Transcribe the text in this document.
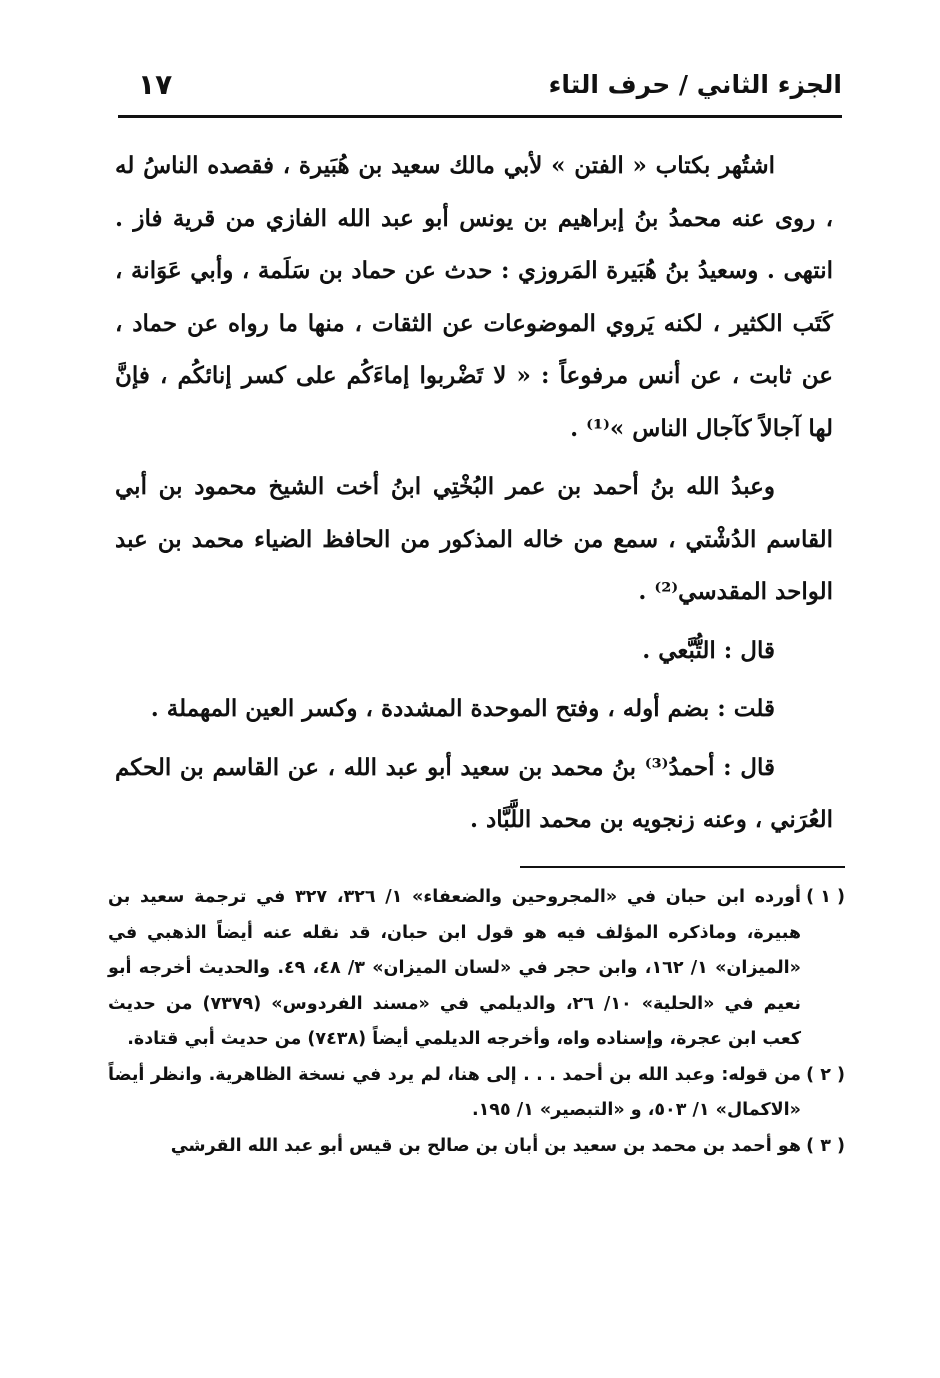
الجزء الثاني / حرف التاء
١٧

اشتُهر بكتاب « الفتن » لأبي مالك سعيد بن هُبَيرة ، فقصده الناسُ له ، روى عنه محمدُ بنُ إبراهيم بن يونس أبو عبد الله الفازي من قرية فاز . انتهى . وسعيدُ بنُ هُبَيرة المَروزي : حدث عن حماد بن سَلَمة ، وأبي عَوَانة ، كَتَب الكثير ، لكنه يَروي الموضوعات عن الثقات ، منها ما رواه عن حماد ، عن ثابت ، عن أنس مرفوعاً : « لا تَضْربوا إماءَكُم على كسر إنائكُم ، فإنَّ لها آجالاً كآجال الناس »⁽¹⁾ .

وعبدُ الله بنُ أحمد بن عمر البُخْتِي ابنُ أخت الشيخ محمود بن أبي القاسم الدُشْتي ، سمع من خاله المذكور من الحافظ الضياء محمد بن عبد الواحد المقدسي⁽²⁾ .

قال : التُّبَّعي .

قلت : بضم أوله ، وفتح الموحدة المشددة ، وكسر العين المهملة .

قال : أحمدُ⁽³⁾ بنُ محمد بن سعيد أبو عبد الله ، عن القاسم بن الحكم العُرَني ، وعنه زنجويه بن محمد اللَّبَّاد .

( ١ )
أورده ابن حبان في «المجروحين والضعفاء» ١/ ٣٢٦، ٣٢٧ في ترجمة سعيد بن هبيرة، وماذكره المؤلف فيه هو قول ابن حبان، قد نقله عنه أيضاً الذهبي في «الميزان» ١/ ١٦٢، وابن حجر في «لسان الميزان» ٣/ ٤٨، ٤٩. والحديث أخرجه أبو نعيم في «الحلية» ١٠/ ٢٦، والديلمي في «مسند الفردوس» (٧٣٧٩) من حديث كعب ابن عجرة، وإسناده واه، وأخرجه الديلمي أيضاً (٧٤٣٨) من حديث أبي قتادة.
( ٢ )
من قوله: وعبد الله بن أحمد . . . إلى هنا، لم يرد في نسخة الظاهرية. وانظر أيضاً «الاكمال» ١/ ٥٠٣، و «التبصير» ١/ ١٩٥.
( ٣ )
هو أحمد بن محمد بن سعيد بن أبان بن صالح بن قيس أبو عبد الله القرشي
